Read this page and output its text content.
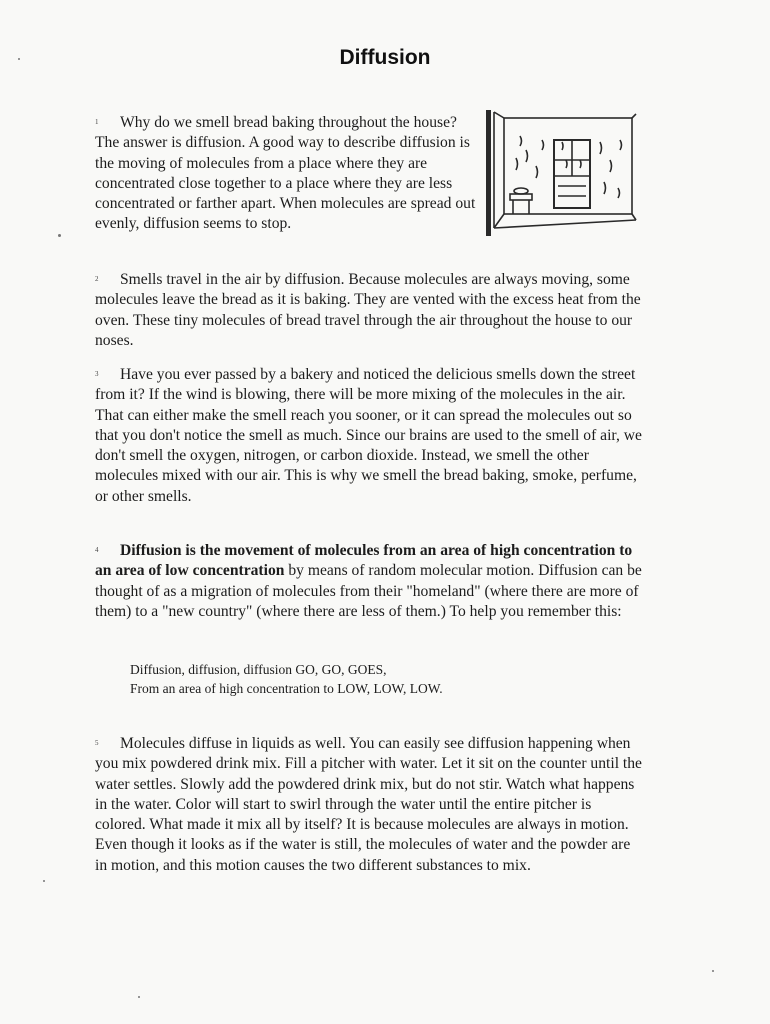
Diffusion

1 Why do we smell bread baking throughout the house? The answer is diffusion. A good way to describe diffusion is the moving of molecules from a place where they are concentrated close together to a place where they are less concentrated or farther apart. When molecules are spread out evenly, diffusion seems to stop.

2 Smells travel in the air by diffusion. Because molecules are always moving, some molecules leave the bread as it is baking. They are vented with the excess heat from the oven. These tiny molecules of bread travel through the air throughout the house to our noses.

3 Have you ever passed by a bakery and noticed the delicious smells down the street from it? If the wind is blowing, there will be more mixing of the molecules in the air. That can either make the smell reach you sooner, or it can spread the molecules out so that you don't notice the smell as much. Since our brains are used to the smell of air, we don't smell the oxygen, nitrogen, or carbon dioxide. Instead, we smell the other molecules mixed with our air. This is why we smell the bread baking, smoke, perfume, or other smells.

4 Diffusion is the movement of molecules from an area of high concentration to an area of low concentration by means of random molecular motion. Diffusion can be thought of as a migration of molecules from their "homeland" (where there are more of them) to a "new country" (where there are less of them.) To help you remember this:

Diffusion, diffusion, diffusion GO, GO, GOES,
From an area of high concentration to LOW, LOW, LOW.

5 Molecules diffuse in liquids as well. You can easily see diffusion happening when you mix powdered drink mix. Fill a pitcher with water. Let it sit on the counter until the water settles. Slowly add the powdered drink mix, but do not stir. Watch what happens in the water. Color will start to swirl through the water until the entire pitcher is colored. What made it mix all by itself? It is because molecules are always in motion. Even though it looks as if the water is still, the molecules of water and the powder are in motion, and this motion causes the two different substances to mix.
